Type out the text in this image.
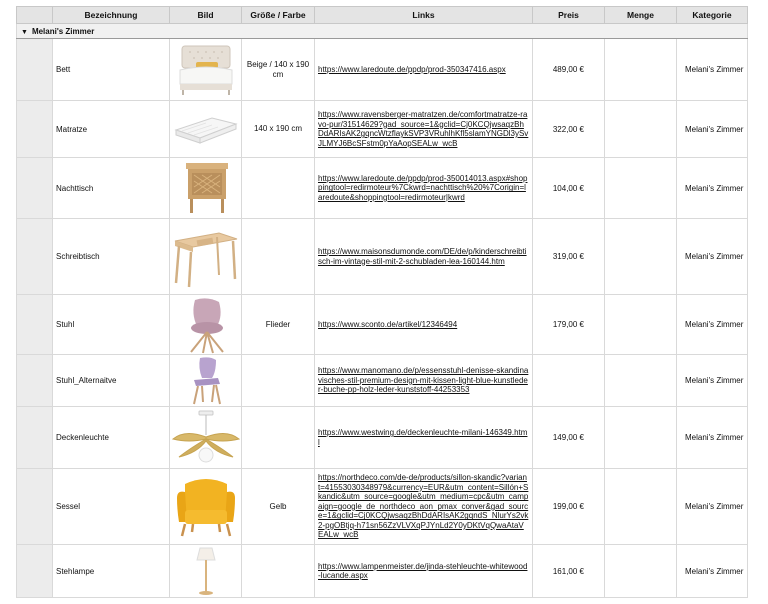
	Bezeichnung	Bild	Größe / Farbe	Links	Preis	Menge	Kategorie
▼ Melani's Zimmer							
	Bett		Beige / 140 x 190 cm	https://www.laredoute.de/ppdp/prod-350347416.aspx	489,00 €		Melani's Zimmer
	Matratze		140 x 190 cm	https://www.ravensberger-matratzen.de/comfortmatratze-ravo-pur/31514629?gad_source=1&gclid=Cj0KCQjwsaqzBhDdARIsAK2gqncWtzflaykSVP3VRuhlhKfl5slamYNGDl3ySvJLMYJ6BcSFstm0pYaAopSEALw_wcB	322,00 €		Melani's Zimmer
	Nachttisch			https://www.laredoute.de/ppdp/prod-350014013.aspx#shoppingtool=redirmoteur%7Ckwrd=nachttisch%20%7Corigin=laredoute&shoppingtool=redirmoteur|kwrd	104,00 €		Melani's Zimmer
	Schreibtisch			https://www.maisonsdumonde.com/DE/de/p/kinderschreibtisch-im-vintage-stil-mit-2-schubladen-lea-160144.htm	319,00 €		Melani's Zimmer
	Stuhl		Flieder	https://www.sconto.de/artikel/12346494	179,00 €		Melani's Zimmer
	Stuhl_Alternaitve			https://www.manomano.de/p/essensstuhl-denisse-skandinavisches-stil-premium-design-mit-kissen-light-blue-kunstleder-buche-pp-holz-leder-kunststoff-44253353			Melani's Zimmer
	Deckenleuchte			https://www.westwing.de/deckenleuchte-milani-146349.html	149,00 €		Melani's Zimmer
	Sessel		Gelb	https://northdeco.com/de-de/products/sillon-skandic?variant=41553030348979&currency=EUR&utm_content=Sillón+Skandic&utm_source=google&utm_medium=cpc&utm_campaign=google_de_northdeco_aon_pmax_conver&gad_source=1&gclid=Cj0KCQjwsaqzBhDdARIsAK2gqndS_NlurYs2vk2-pgOBtjq-h71sn56ZzVLVXqPJYnLd2Y0yDKtVqQwaAtaVEALw_wcB	199,00 €		Melani's Zimmer
	Stehlampe			https://www.lampenmeister.de/jinda-stehleuchte-whitewood-lucande.aspx	161,00 €		Melani's Zimmer
